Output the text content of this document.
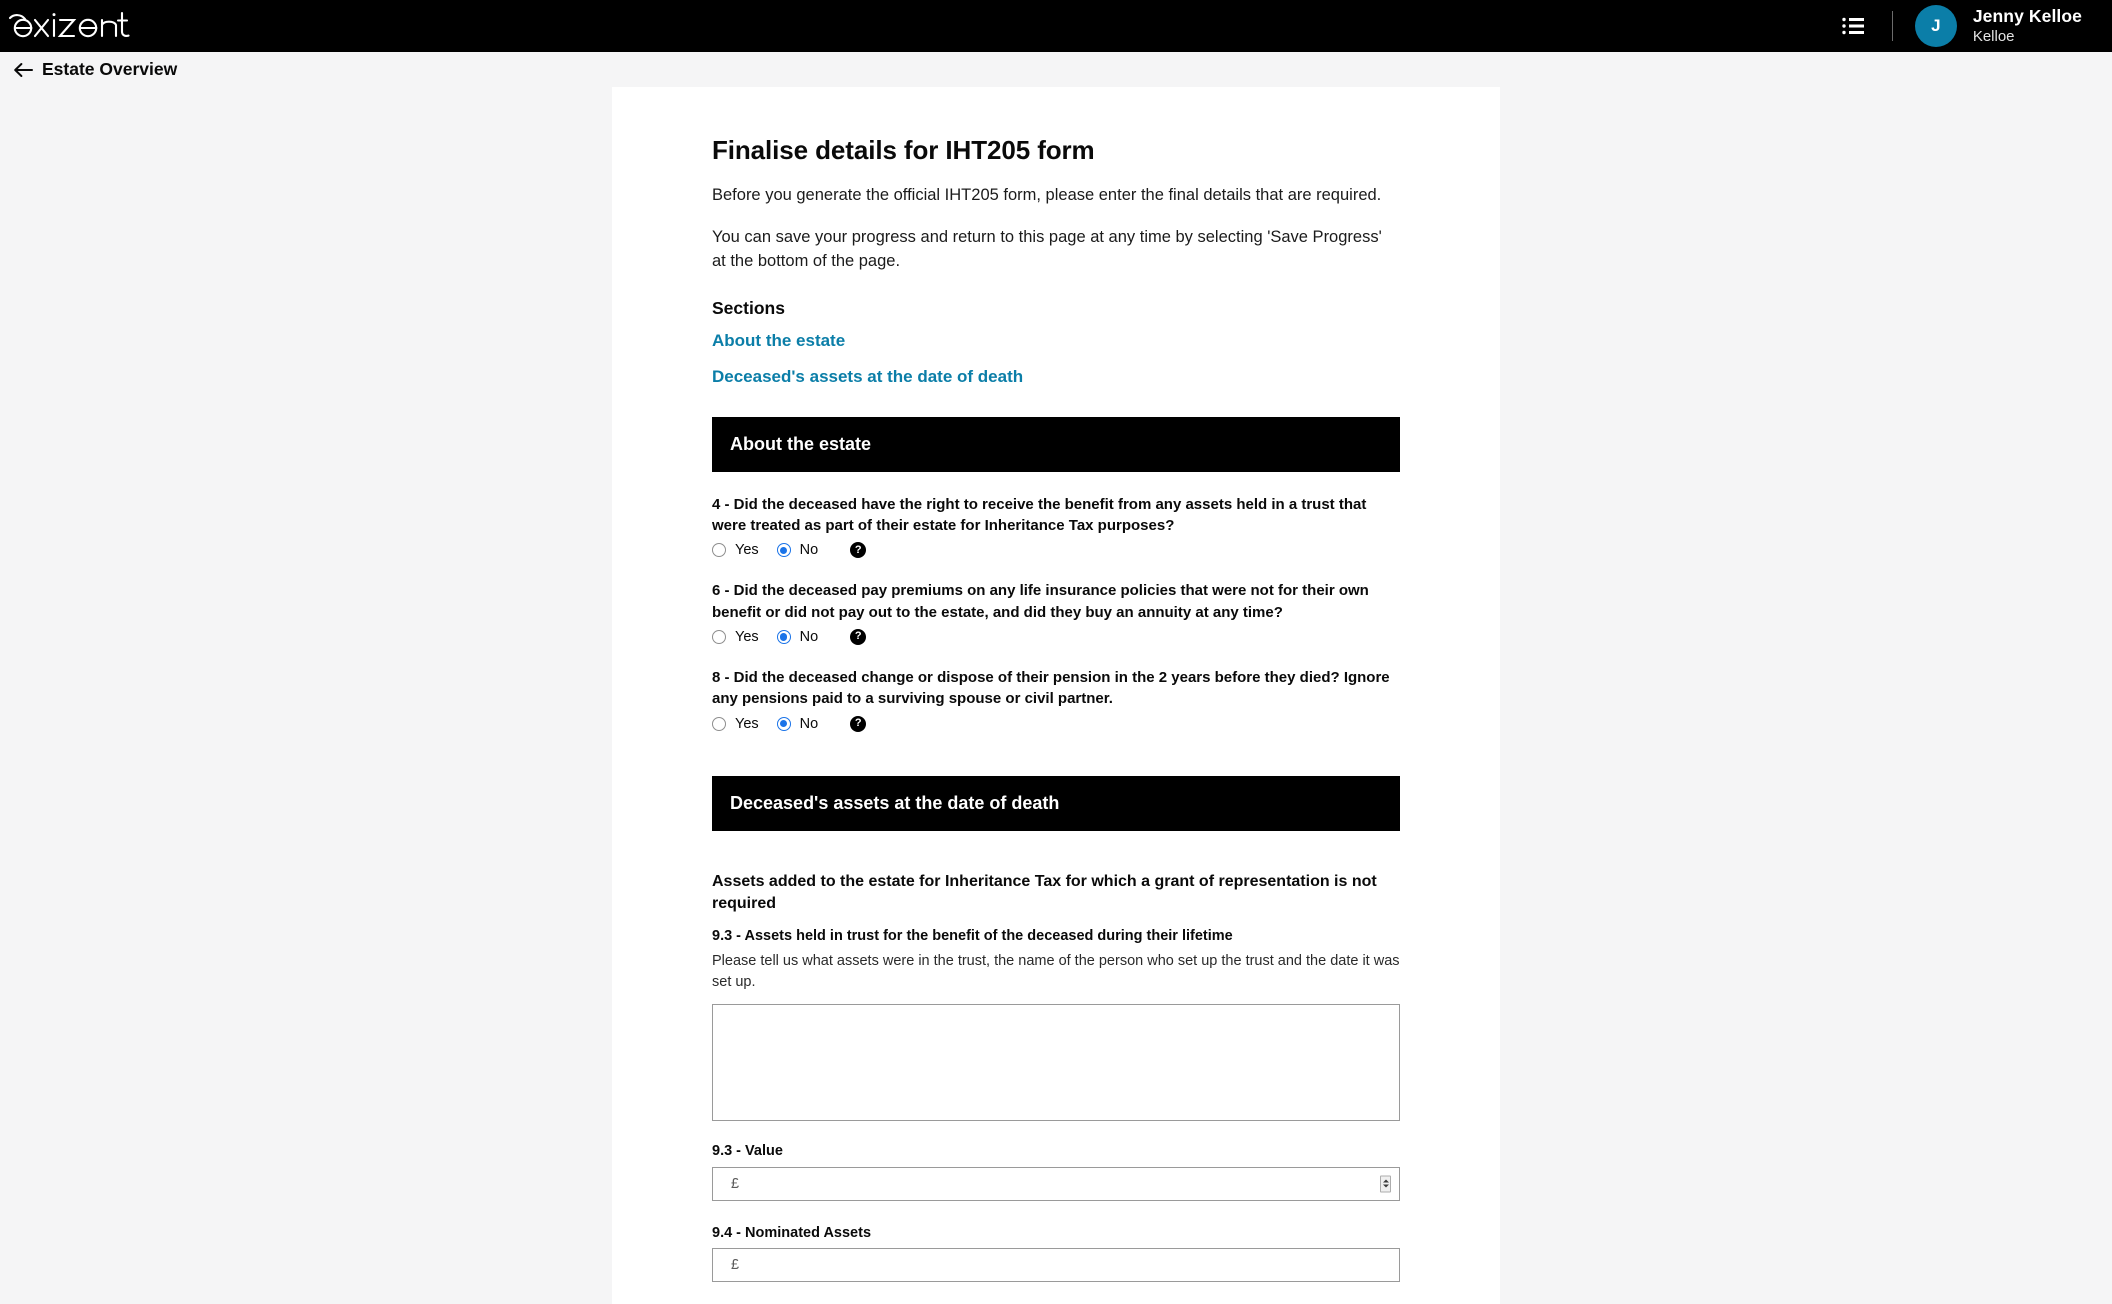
J	Jenny Kelloe
Kelloe
Estate Overview
Finalise details for IHT205 form

Before you generate the official IHT205 form, please enter the final details that are required.

You can save your progress and return to this page at any time by selecting 'Save Progress' at the bottom of the page.

Sections
About the estate
Deceased's assets at the date of death
About the estate

4 - Did the deceased have the right to receive the benefit from any assets held in a trust that were treated as part of their estate for Inheritance Tax purposes?

Yes	No	?

6 - Did the deceased pay premiums on any life insurance policies that were not for their own benefit or did not pay out to the estate, and did they buy an annuity at any time?

Yes	No	?

8 - Did the deceased change or dispose of their pension in the 2 years before they died? Ignore any pensions paid to a surviving spouse or civil partner.

Yes	No	?
Deceased's assets at the date of death

Assets added to the estate for Inheritance Tax for which a grant of representation is not required

9.3 - Assets held in trust for the benefit of the deceased during their lifetime

Please tell us what assets were in the trust, the name of the person who set up the trust and the date it was set up.

9.3 - Value

£

9.4 - Nominated Assets

£
